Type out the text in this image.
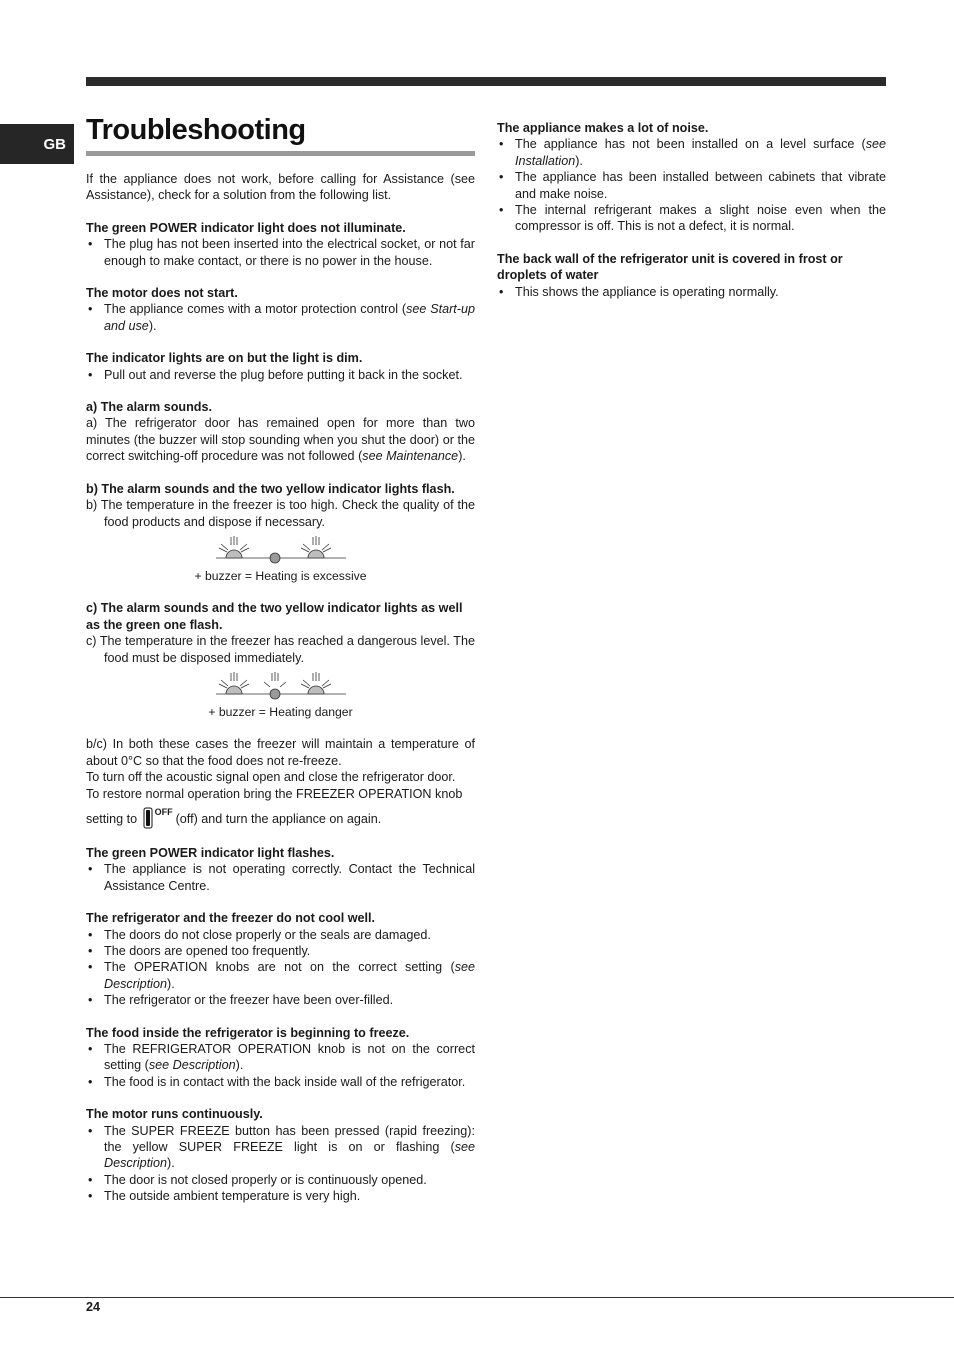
GB Troubleshooting

If the appliance does not work, before calling for Assistance (see Assistance), check for a solution from the following list.

The green POWER indicator light does not illuminate.

• The plug has not been inserted into the electrical socket, or not far enough to make contact, or there is no power in the house.

The motor does not start.

• The appliance comes with a motor protection control (see Start-up and use).

The indicator lights are on but the light is dim.

• Pull out and reverse the plug before putting it back in the socket.

a) The alarm sounds.

a) The refrigerator door has remained open for more than two minutes (the buzzer will stop sounding when you shut the door) or the correct switching-off procedure was not followed (see Maintenance).

b) The alarm sounds and the two yellow indicator lights flash.

b) The temperature in the freezer is too high. Check the quality of the food products and dispose if necessary.

+ buzzer = Heating is excessive

c) The alarm sounds and the two yellow indicator lights as well as the green one flash.

c) The temperature in the freezer has reached a dangerous level. The food must be disposed immediately.

+ buzzer = Heating danger

b/c) In both these cases the freezer will maintain a temperature of about 0°C so that the food does not re-freeze.

To turn off the acoustic signal open and close the refrigerator door.

To restore normal operation bring the FREEZER OPERATION knob

setting to $^{OFF}$ (off) and turn the appliance on again.

The green POWER indicator light flashes.

• The appliance is not operating correctly. Contact the Technical Assistance Centre.

The refrigerator and the freezer do not cool well.

• The doors do not close properly or the seals are damaged.
• The doors are opened too frequently.
• The OPERATION knobs are not on the correct setting (see Description).
• The refrigerator or the freezer have been over-filled.

The food inside the refrigerator is beginning to freeze.

• The REFRIGERATOR OPERATION knob is not on the correct setting (see Description).
• The food is in contact with the back inside wall of the refrigerator.

The motor runs continuously.

• The SUPER FREEZE button has been pressed (rapid freezing): the yellow SUPER FREEZE light is on or flashing (see Description).
• The door is not closed properly or is continuously opened.
• The outside ambient temperature is very high.

The appliance makes a lot of noise.

• The appliance has not been installed on a level surface (see Installation).
• The appliance has been installed between cabinets that vibrate and make noise.
• The internal refrigerant makes a slight noise even when the compressor is off. This is not a defect, it is normal.

The back wall of the refrigerator unit is covered in frost or droplets of water

• This shows the appliance is operating normally.
24
